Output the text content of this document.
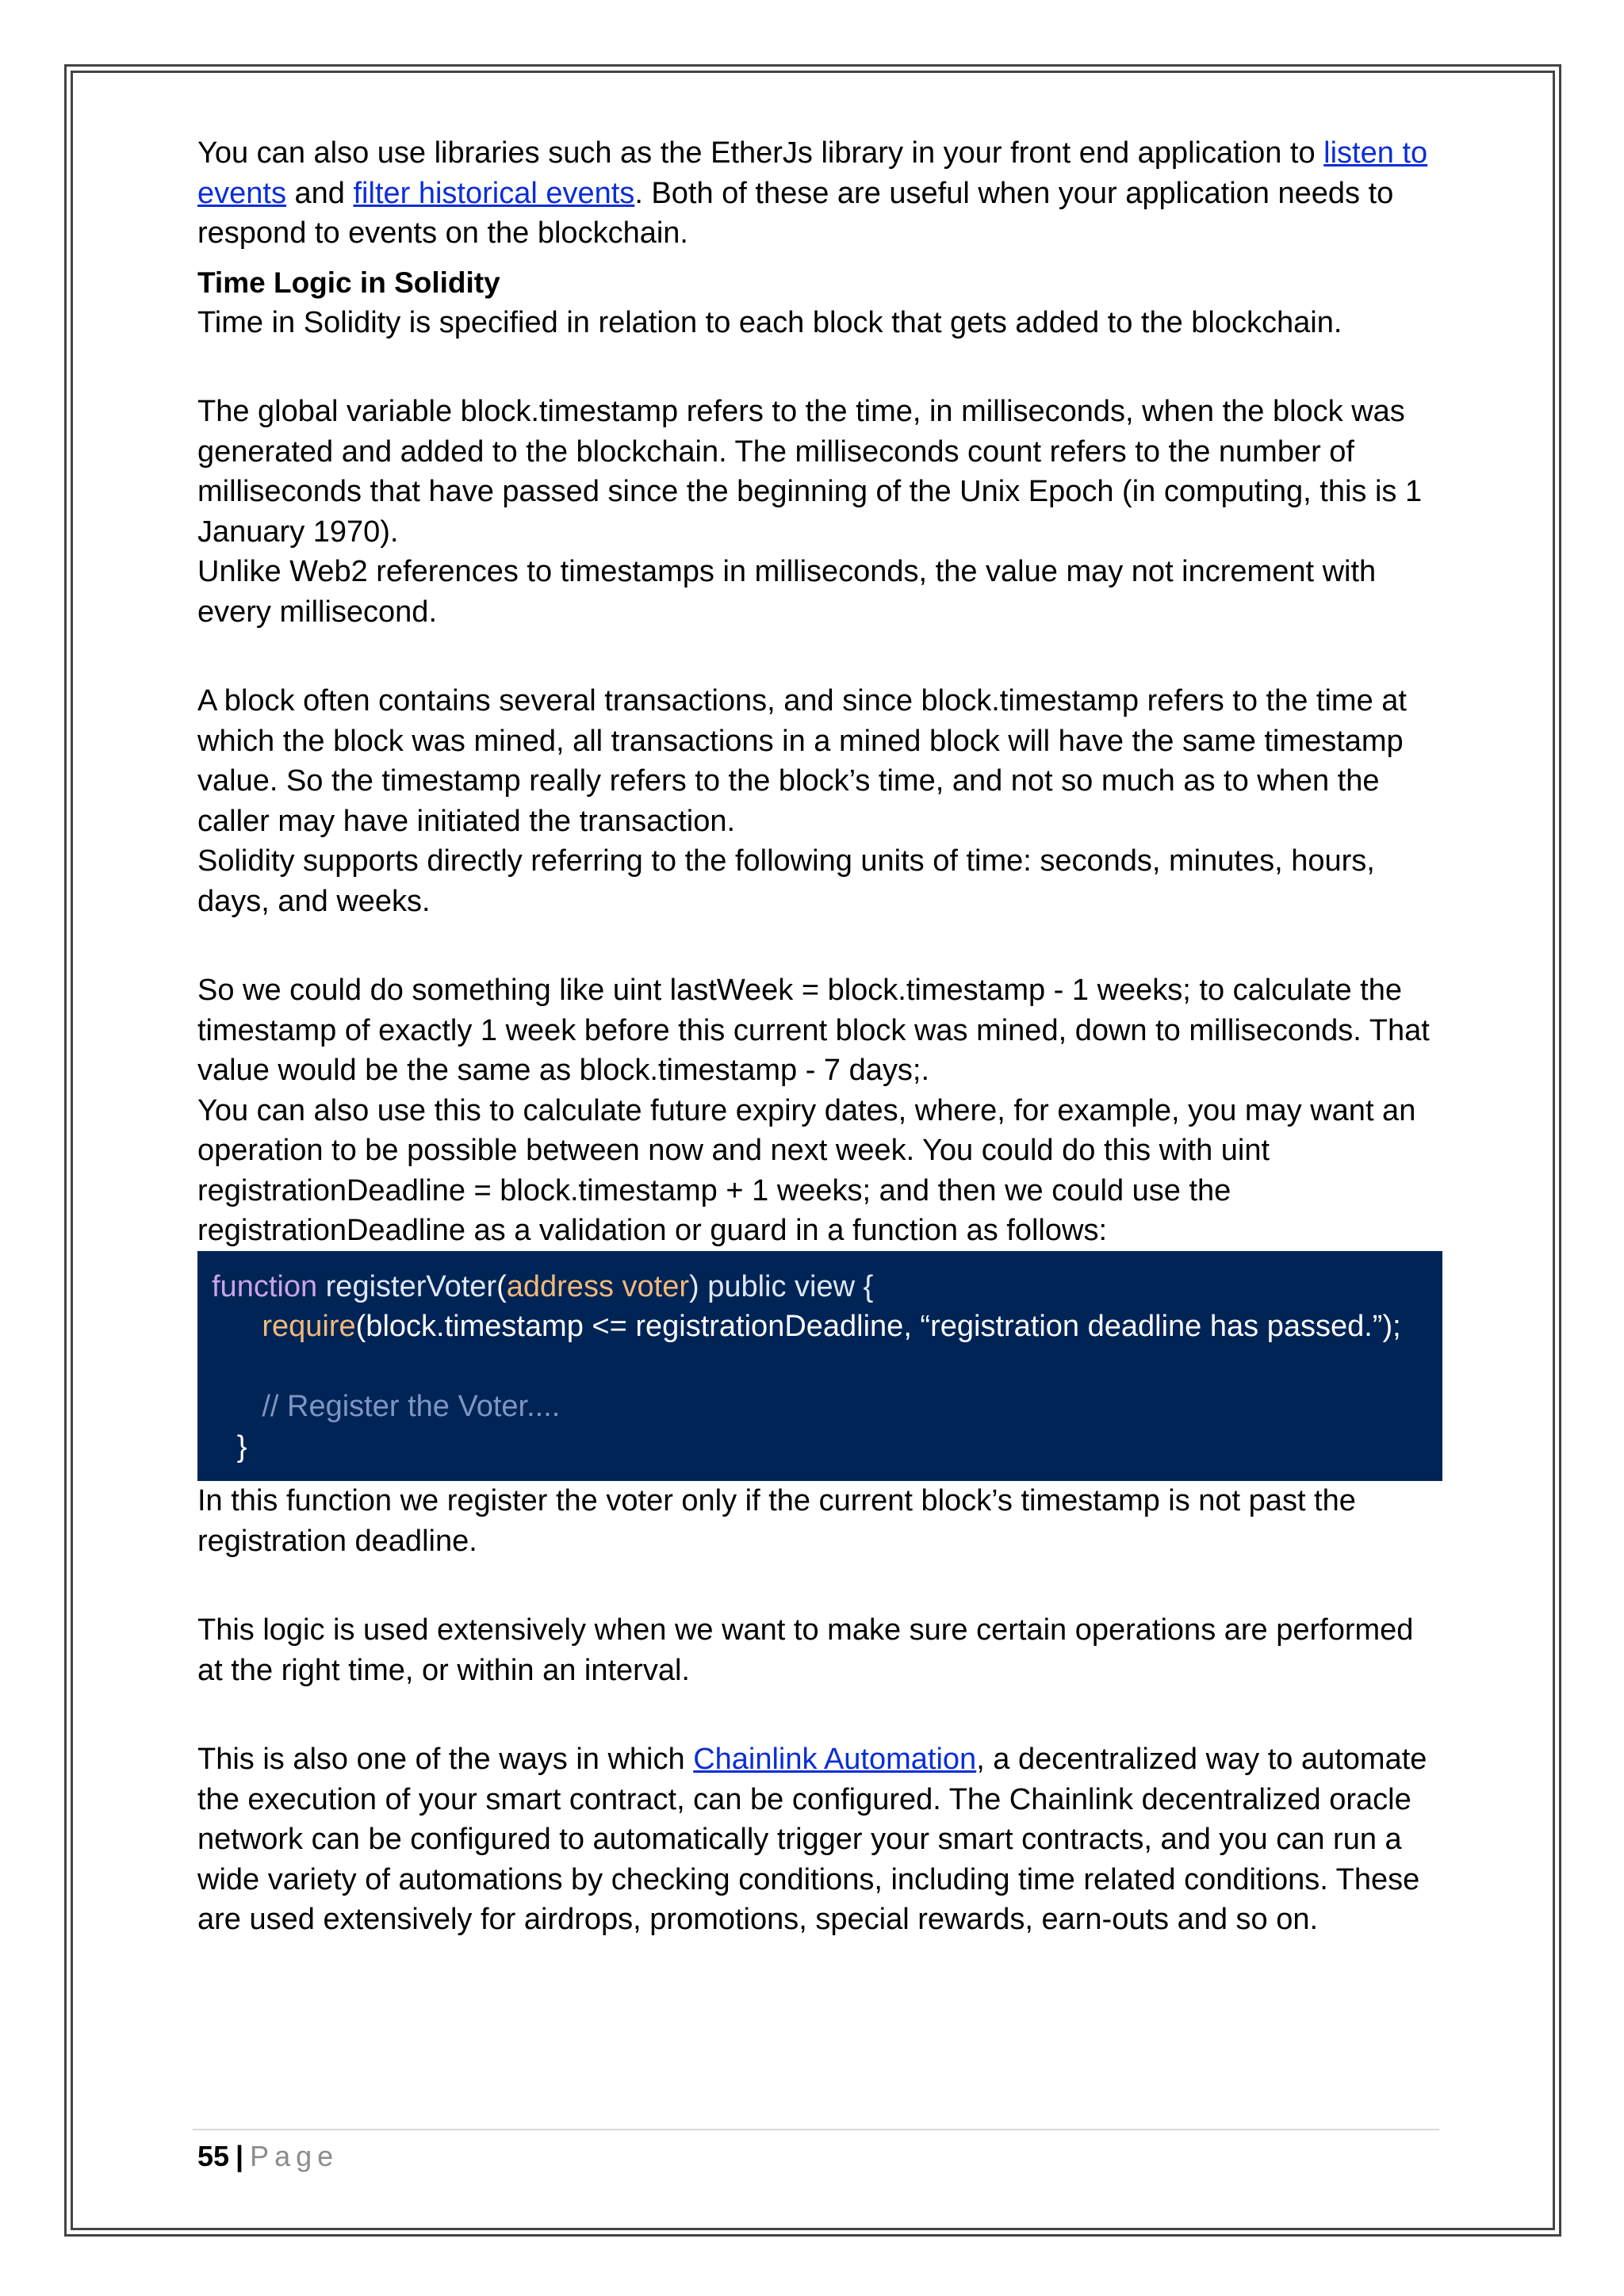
You can also use libraries such as the EtherJs library in your front end application to listen to events and filter historical events. Both of these are useful when your application needs to respond to events on the blockchain.

Time Logic in Solidity

Time in Solidity is specified in relation to each block that gets added to the blockchain.

The global variable block.timestamp refers to the time, in milliseconds, when the block was generated and added to the blockchain. The milliseconds count refers to the number of milliseconds that have passed since the beginning of the Unix Epoch (in computing, this is 1 January 1970).

Unlike Web2 references to timestamps in milliseconds, the value may not increment with every millisecond.

A block often contains several transactions, and since block.timestamp refers to the time at which the block was mined, all transactions in a mined block will have the same timestamp value. So the timestamp really refers to the block’s time, and not so much as to when the caller may have initiated the transaction.

Solidity supports directly referring to the following units of time: seconds, minutes, hours, days, and weeks.

So we could do something like uint lastWeek = block.timestamp - 1 weeks; to calculate the timestamp of exactly 1 week before this current block was mined, down to milliseconds. That value would be the same as block.timestamp - 7 days;.

You can also use this to calculate future expiry dates, where, for example, you may want an operation to be possible between now and next week. You could do this with uint registrationDeadline = block.timestamp + 1 weeks; and then we could use the registrationDeadline as a validation or guard in a function as follows:

function registerVoter(address voter) public view {
require(block.timestamp <= registrationDeadline, “registration deadline has passed.”);

// Register the Voter....
}

In this function we register the voter only if the current block’s timestamp is not past the registration deadline.

This logic is used extensively when we want to make sure certain operations are performed at the right time, or within an interval.

This is also one of the ways in which Chainlink Automation, a decentralized way to automate the execution of your smart contract, can be configured. The Chainlink decentralized oracle network can be configured to automatically trigger your smart contracts, and you can run a wide variety of automations by checking conditions, including time related conditions. These are used extensively for airdrops, promotions, special rewards, earn-outs and so on.

55 | Page
